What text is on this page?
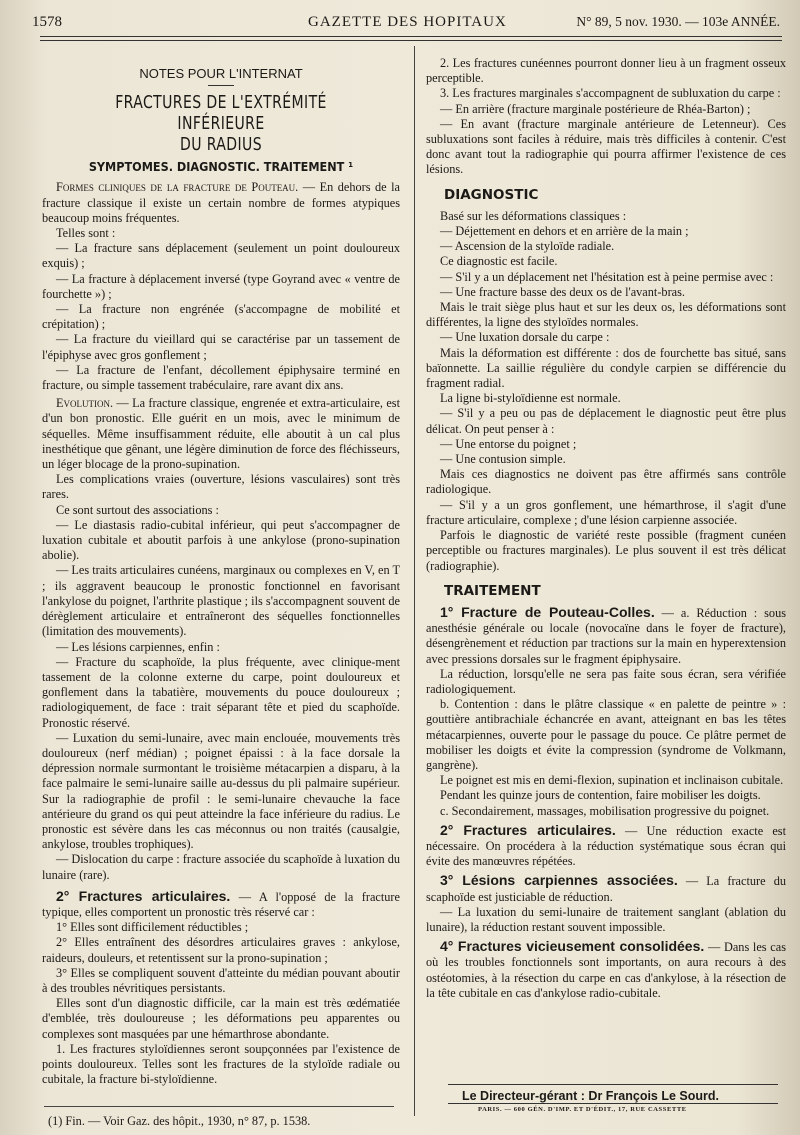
1578	GAZETTE DES HOPITAUX	N° 89, 5 nov. 1930. — 103e ANNÉE.

NOTES POUR L'INTERNAT

FRACTURES DE L'EXTRÉMITÉ INFÉRIEURE

DU RADIUS

SYMPTOMES. DIAGNOSTIC. TRAITEMENT ¹

Formes cliniques de la fracture de Pouteau. — En dehors de la fracture classique il existe un certain nombre de formes atypiques beaucoup moins fréquentes.

Telles sont :

— La fracture sans déplacement (seulement un point douloureux exquis) ;

— La fracture à déplacement inversé (type Goyrand avec « ventre de fourchette ») ;

— La fracture non engrénée (s'accompagne de mobilité et crépitation) ;

— La fracture du vieillard qui se caractérise par un tassement de l'épiphyse avec gros gonflement ;

— La fracture de l'enfant, décollement épiphysaire terminé en fracture, ou simple tassement trabéculaire, rare avant dix ans.

Evolution. — La fracture classique, engrenée et extra-articulaire, est d'un bon pronostic. Elle guérit en un mois, avec le minimum de séquelles. Même insuffisamment réduite, elle aboutit à un cal plus inesthétique que gênant, une légère diminution de force des fléchisseurs, un léger blocage de la prono-supination.

Les complications vraies (ouverture, lésions vasculaires) sont très rares.

Ce sont surtout des associations :

— Le diastasis radio-cubital inférieur, qui peut s'accompagner de luxation cubitale et aboutit parfois à une ankylose (prono-supination abolie).

— Les traits articulaires cunéens, marginaux ou complexes en V, en T ; ils aggravent beaucoup le pronostic fonctionnel en favorisant l'ankylose du poignet, l'arthrite plastique ; ils s'accompagnent souvent de dérèglement articulaire et entraîneront des séquelles fonctionnelles (limitation des mouvements).

— Les lésions carpiennes, enfin :

— Fracture du scaphoïde, la plus fréquente, avec clinique-ment tassement de la colonne externe du carpe, point douloureux et gonflement dans la tabatière, mouvements du pouce douloureux ; radiologiquement, de face : trait séparant tête et pied du scaphoïde. Pronostic réservé.

— Luxation du semi-lunaire, avec main enclouée, mouvements très douloureux (nerf médian) ; poignet épaissi : à la face dorsale la dépression normale surmontant le troisième métacarpien a disparu, à la face palmaire le semi-lunaire saille au-dessus du pli palmaire supérieur. Sur la radiographie de profil : le semi-lunaire chevauche la face antérieure du grand os qui peut atteindre la face inférieure du radius. Le pronostic est sévère dans les cas méconnus ou non traités (causalgie, ankylose, troubles trophiques).

— Dislocation du carpe : fracture associée du scaphoïde à luxation du lunaire (rare).

2° Fractures articulaires. — A l'opposé de la fracture typique, elles comportent un pronostic très réservé car :

1° Elles sont difficilement réductibles ;

2° Elles entraînent des désordres articulaires graves : ankylose, raideurs, douleurs, et retentissent sur la prono-supination ;

3° Elles se compliquent souvent d'atteinte du médian pouvant aboutir à des troubles névritiques persistants.

Elles sont d'un diagnostic difficile, car la main est très œdématiée d'emblée, très douloureuse ; les déformations peu apparentes ou complexes sont masquées par une hémarthrose abondante.

1. Les fractures styloïdiennes seront soupçonnées par l'existence de points douloureux. Telles sont les fractures de la styloïde radiale ou cubitale, la fracture bi-styloïdienne.

2. Les fractures cunéennes pourront donner lieu à un fragment osseux perceptible.

3. Les fractures marginales s'accompagnent de subluxation du carpe :

— En arrière (fracture marginale postérieure de Rhéa-Barton) ;

— En avant (fracture marginale antérieure de Letenneur). Ces subluxations sont faciles à réduire, mais très difficiles à contenir. C'est donc avant tout la radiographie qui pourra affirmer l'existence de ces lésions.

DIAGNOSTIC

Basé sur les déformations classiques :

— Déjettement en dehors et en arrière de la main ;

— Ascension de la styloïde radiale.

Ce diagnostic est facile.

— S'il y a un déplacement net l'hésitation est à peine permise avec :

— Une fracture basse des deux os de l'avant-bras.

Mais le trait siège plus haut et sur les deux os, les déformations sont différentes, la ligne des styloïdes normales.

— Une luxation dorsale du carpe :

Mais la déformation est différente : dos de fourchette bas situé, sans baïonnette. La saillie régulière du condyle carpien se différencie du fragment radial.

La ligne bi-styloïdienne est normale.

— S'il y a peu ou pas de déplacement le diagnostic peut être plus délicat. On peut penser à :

— Une entorse du poignet ;

— Une contusion simple.

Mais ces diagnostics ne doivent pas être affirmés sans contrôle radiologique.

— S'il y a un gros gonflement, une hémarthrose, il s'agit d'une fracture articulaire, complexe ; d'une lésion carpienne associée.

Parfois le diagnostic de variété reste possible (fragment cunéen perceptible ou fractures marginales). Le plus souvent il est très délicat (radiographie).

TRAITEMENT

1° Fracture de Pouteau-Colles. — a. Réduction : sous anesthésie générale ou locale (novocaïne dans le foyer de fracture), désengrènement et réduction par tractions sur la main en hyperextension avec pressions dorsales sur le fragment épiphysaire.

La réduction, lorsqu'elle ne sera pas faite sous écran, sera vérifiée radiologiquement.

b. Contention : dans le plâtre classique « en palette de peintre » : gouttière antibrachiale échancrée en avant, atteignant en bas les têtes métacarpiennes, ouverte pour le passage du pouce. Ce plâtre permet de mobiliser les doigts et évite la compression (syndrome de Volkmann, gangrène).

Le poignet est mis en demi-flexion, supination et inclinaison cubitale.

Pendant les quinze jours de contention, faire mobiliser les doigts.

c. Secondairement, massages, mobilisation progressive du poignet.

2° Fractures articulaires. — Une réduction exacte est nécessaire. On procédera à la réduction systématique sous écran qui évite des manœuvres répétées.

3° Lésions carpiennes associées. — La fracture du scaphoïde est justiciable de réduction.

— La luxation du semi-lunaire de traitement sanglant (ablation du lunaire), la réduction restant souvent impossible.

4° Fractures vicieusement consolidées. — Dans les cas où les troubles fonctionnels sont importants, on aura recours à des ostéotomies, à la résection du carpe en cas d'ankylose, à la résection de la tête cubitale en cas d'ankylose radio-cubitale.

Le Directeur-gérant : Dr François Le Sourd.
PARIS. — 600 GÉN. D'IMP. ET D'ÉDIT., 17, RUE CASSETTE
(1) Fin. — Voir Gaz. des hôpit., 1930, n° 87, p. 1538.
